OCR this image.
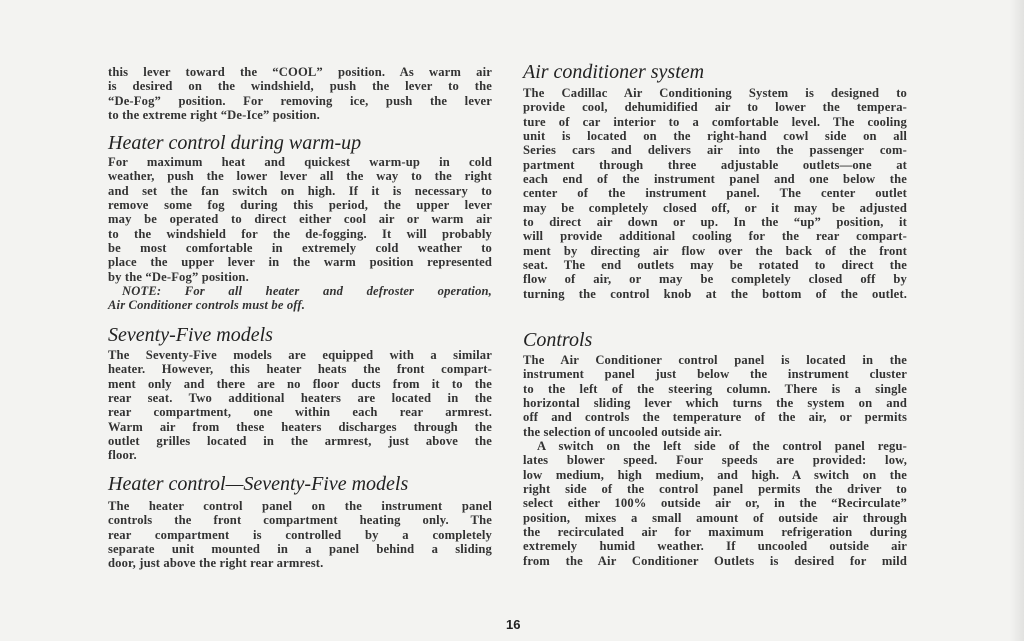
this lever toward the “COOL” position. As warm air
is desired on the windshield, push the lever to the
“De-Fog” position. For removing ice, push the lever
to the extreme right “De-Ice” position.
Heater control during warm-up
For maximum heat and quickest warm-up in cold
weather, push the lower lever all the way to the right
and set the fan switch on high. If it is necessary to
remove some fog during this period, the upper lever
may be operated to direct either cool air or warm air
to the windshield for the de-fogging. It will probably
be most comfortable in extremely cold weather to
place the upper lever in the warm position represented
by the “De-Fog” position.
NOTE: For all heater and defroster operation,
Air Conditioner controls must be off.
Seventy-Five models
The Seventy-Five models are equipped with a similar
heater. However, this heater heats the front compart-
ment only and there are no floor ducts from it to the
rear seat. Two additional heaters are located in the
rear compartment, one within each rear armrest.
Warm air from these heaters discharges through the
outlet grilles located in the armrest, just above the
floor.
Heater control—Seventy-Five models
The heater control panel on the instrument panel
controls the front compartment heating only. The
rear compartment is controlled by a completely
separate unit mounted in a panel behind a sliding
door, just above the right rear armrest.
Air conditioner system
The Cadillac Air Conditioning System is designed to
provide cool, dehumidified air to lower the tempera-
ture of car interior to a comfortable level. The cooling
unit is located on the right-hand cowl side on all
Series cars and delivers air into the passenger com-
partment through three adjustable outlets—one at
each end of the instrument panel and one below the
center of the instrument panel. The center outlet
may be completely closed off, or it may be adjusted
to direct air down or up. In the “up” position, it
will provide additional cooling for the rear compart-
ment by directing air flow over the back of the front
seat. The end outlets may be rotated to direct the
flow of air, or may be completely closed off by
turning the control knob at the bottom of the outlet.
Controls
The Air Conditioner control panel is located in the
instrument panel just below the instrument cluster
to the left of the steering column. There is a single
horizontal sliding lever which turns the system on and
off and controls the temperature of the air, or permits
the selection of uncooled outside air.
A switch on the left side of the control panel regu-
lates blower speed. Four speeds are provided: low,
low medium, high medium, and high. A switch on the
right side of the control panel permits the driver to
select either 100% outside air or, in the “Recirculate”
position, mixes a small amount of outside air through
the recirculated air for maximum refrigeration during
extremely humid weather. If uncooled outside air
from the Air Conditioner Outlets is desired for mild
16
